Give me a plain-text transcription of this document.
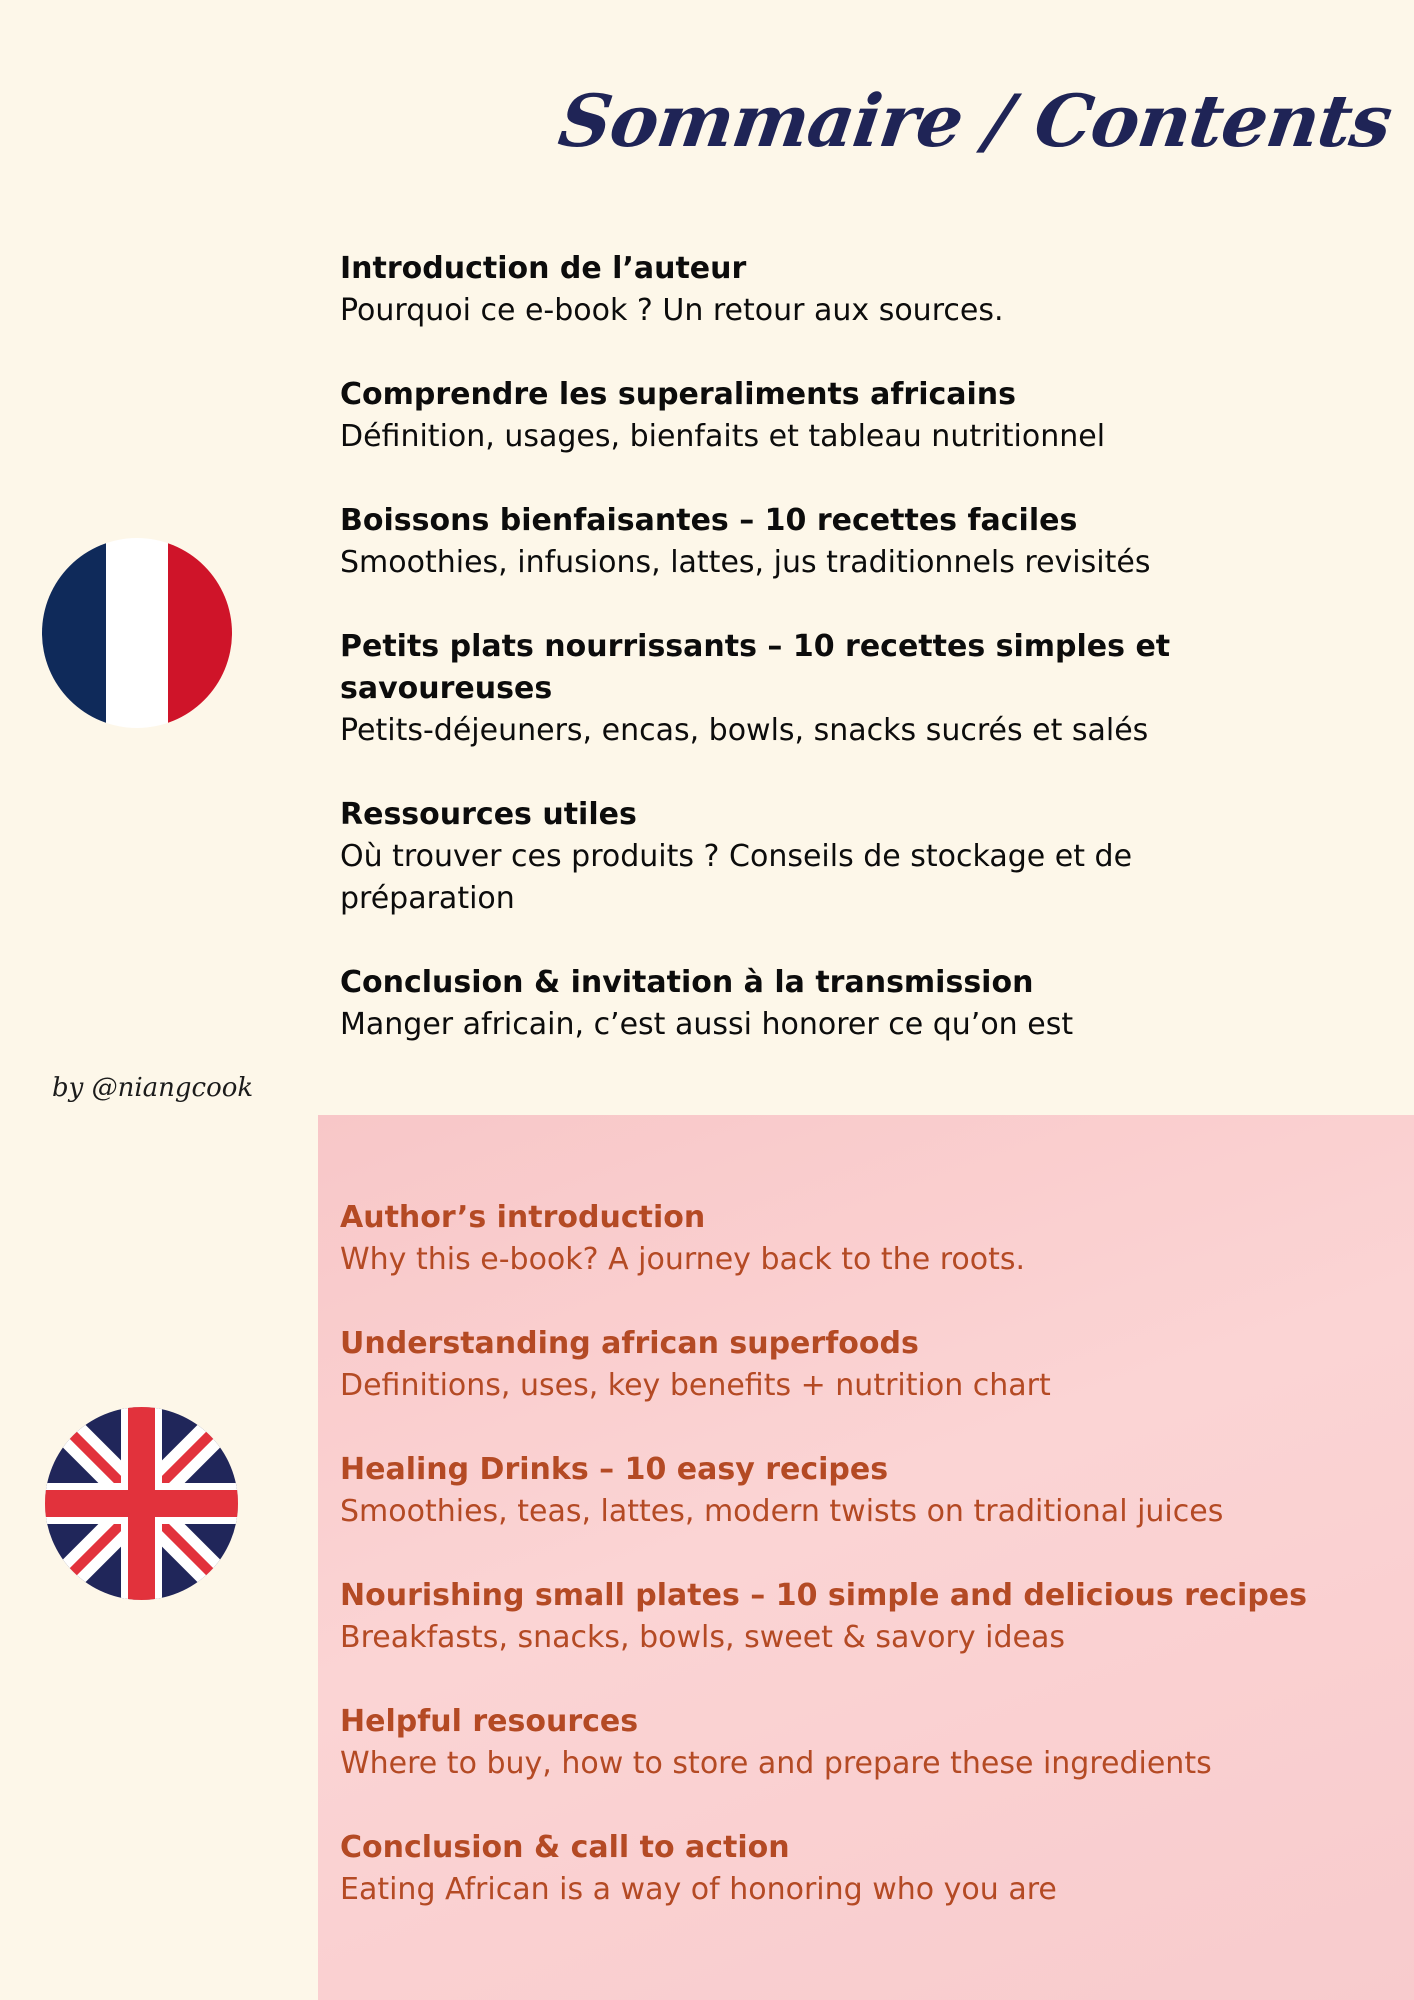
Sommaire / Contents
by @niangcook
Introduction de l’auteur
Pourquoi ce e-book ? Un retour aux sources.
Comprendre les superaliments africains
Définition, usages, bienfaits et tableau nutritionnel
Boissons bienfaisantes – 10 recettes faciles
Smoothies, infusions, lattes, jus traditionnels revisités
Petits plats nourrissants – 10 recettes simples et savoureuses
Petits-déjeuners, encas, bowls, snacks sucrés et salés
Ressources utiles
Où trouver ces produits ? Conseils de stockage et de préparation
Conclusion & invitation à la transmission
Manger africain, c’est aussi honorer ce qu’on est
Author’s introduction
Why this e-book? A journey back to the roots.
Understanding african superfoods
Definitions, uses, key benefits + nutrition chart
Healing Drinks – 10 easy recipes
Smoothies, teas, lattes, modern twists on traditional juices
Nourishing small plates – 10 simple and delicious recipes
Breakfasts, snacks, bowls, sweet & savory ideas
Helpful resources
Where to buy, how to store and prepare these ingredients
Conclusion & call to action
Eating African is a way of honoring who you are
